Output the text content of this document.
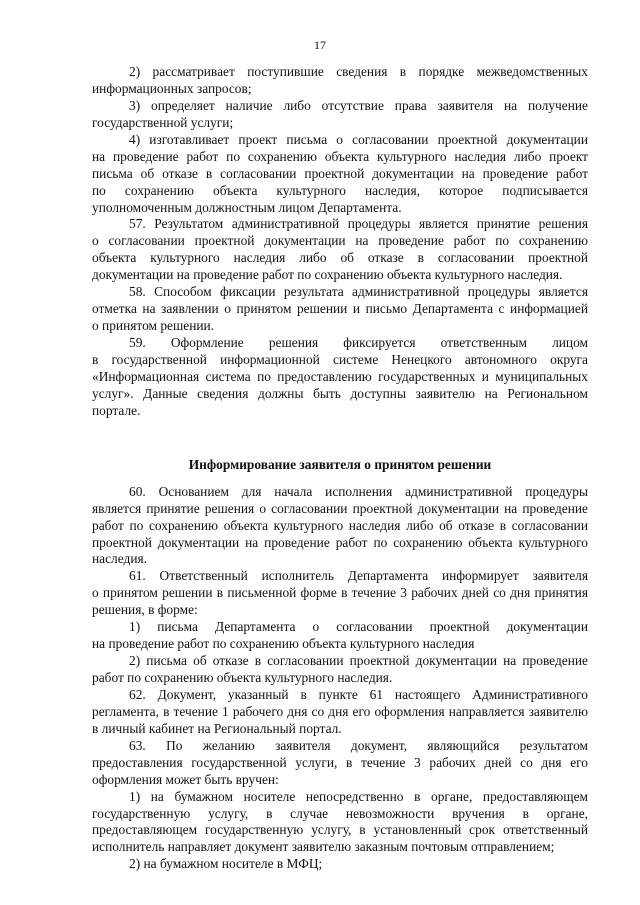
17
2) рассматривает поступившие сведения в порядке межведомственных
информационных запросов;
3) определяет наличие либо отсутствие права заявителя на получение
государственной услуги;
4) изготавливает проект письма о согласовании проектной документации
на проведение работ по сохранению объекта культурного наследия либо проект
письма об отказе в согласовании проектной документации на проведение работ
по сохранению объекта культурного наследия, которое подписывается
уполномоченным должностным лицом Департамента.
57. Результатом административной процедуры является принятие решения
о согласовании проектной документации на проведение работ по сохранению
объекта культурного наследия либо об отказе в согласовании проектной
документации на проведение работ по сохранению объекта культурного наследия.
58. Способом фиксации результата административной процедуры является
отметка на заявлении о принятом решении и письмо Департамента с информацией
о принятом решении.
59. Оформление решения фиксируется ответственным лицом
в государственной информационной системе Ненецкого автономного округа
«Информационная система по предоставлению государственных и муниципальных
услуг». Данные сведения должны быть доступны заявителю на Региональном
портале.
Информирование заявителя о принятом решении
60. Основанием для начала исполнения административной процедуры
является принятие решения о согласовании проектной документации на проведение
работ по сохранению объекта культурного наследия либо об отказе в согласовании
проектной документации на проведение работ по сохранению объекта культурного
наследия.
61. Ответственный исполнитель Департамента информирует заявителя
о принятом решении в письменной форме в течение 3 рабочих дней со дня принятия
решения, в форме:
1) письма Департамента о согласовании проектной документации
на проведение работ по сохранению объекта культурного наследия
2) письма об отказе в согласовании проектной документации на проведение
работ по сохранению объекта культурного наследия.
62. Документ, указанный в пункте 61 настоящего Административного
регламента, в течение 1 рабочего дня со дня его оформления направляется заявителю
в личный кабинет на Региональный портал.
63. По желанию заявителя документ, являющийся результатом
предоставления государственной услуги, в течение 3 рабочих дней со дня его
оформления может быть вручен:
1) на бумажном носителе непосредственно в органе, предоставляющем
государственную услугу, в случае невозможности вручения в органе,
предоставляющем государственную услугу, в установленный срок ответственный
исполнитель направляет документ заявителю заказным почтовым отправлением;
2) на бумажном носителе в МФЦ;
